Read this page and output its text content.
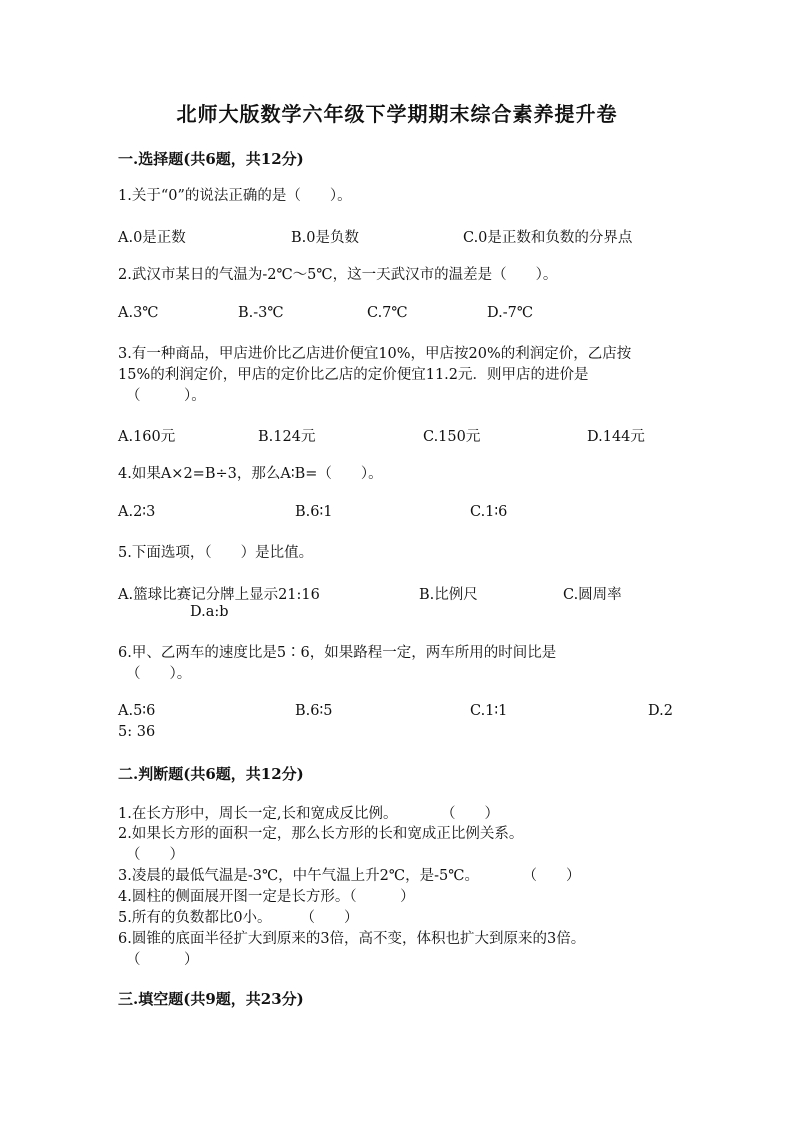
北师大版数学六年级下学期期末综合素养提升卷
一.选择题(共6题，共12分)
1.关于“0”的说法正确的是（　　）。
A.0是正数	B.0是负数	C.0是正数和负数的分界点
2.武汉市某日的气温为-2℃～5℃，这一天武汉市的温差是（　　）。
A.3℃	B.-3℃	C.7℃	D.-7℃
3.有一种商品，甲店进价比乙店进价便宜10%，甲店按20%的利润定价，乙店按
15%的利润定价，甲店的定价比乙店的定价便宜11.2元．则甲店的进价是
（　　　）。
A.160元	B.124元	C.150元	D.144元
4.如果A×2=B÷3，那么A∶B=（　　）。
A.2∶3	B.6∶1	C.1∶6
5.下面选项，（　　）是比值。
A.篮球比赛记分牌上显示21:16	B.比例尺	C.圆周率
D.a:b
6.甲、乙两车的速度比是5∶6，如果路程一定，两车所用的时间比是
（　　）。
A.5∶6	B.6∶5	C.1∶1	D.2
5: 36
二.判断题(共6题，共12分)
1.在长方形中，周长一定,长和宽成反比例。　　　　（　　）
2.如果长方形的面积一定，那么长方形的长和宽成正比例关系。
（　　）
3.凌晨的最低气温是-3℃，中午气温上升2℃，是-5℃。　　　　（　　）
4.圆柱的侧面展开图一定是长方形。（　　　）
5.所有的负数都比0小。　　　（　　）
6.圆锥的底面半径扩大到原来的3倍，高不变，体积也扩大到原来的3倍。
（　　　）
三.填空题(共9题，共23分)
